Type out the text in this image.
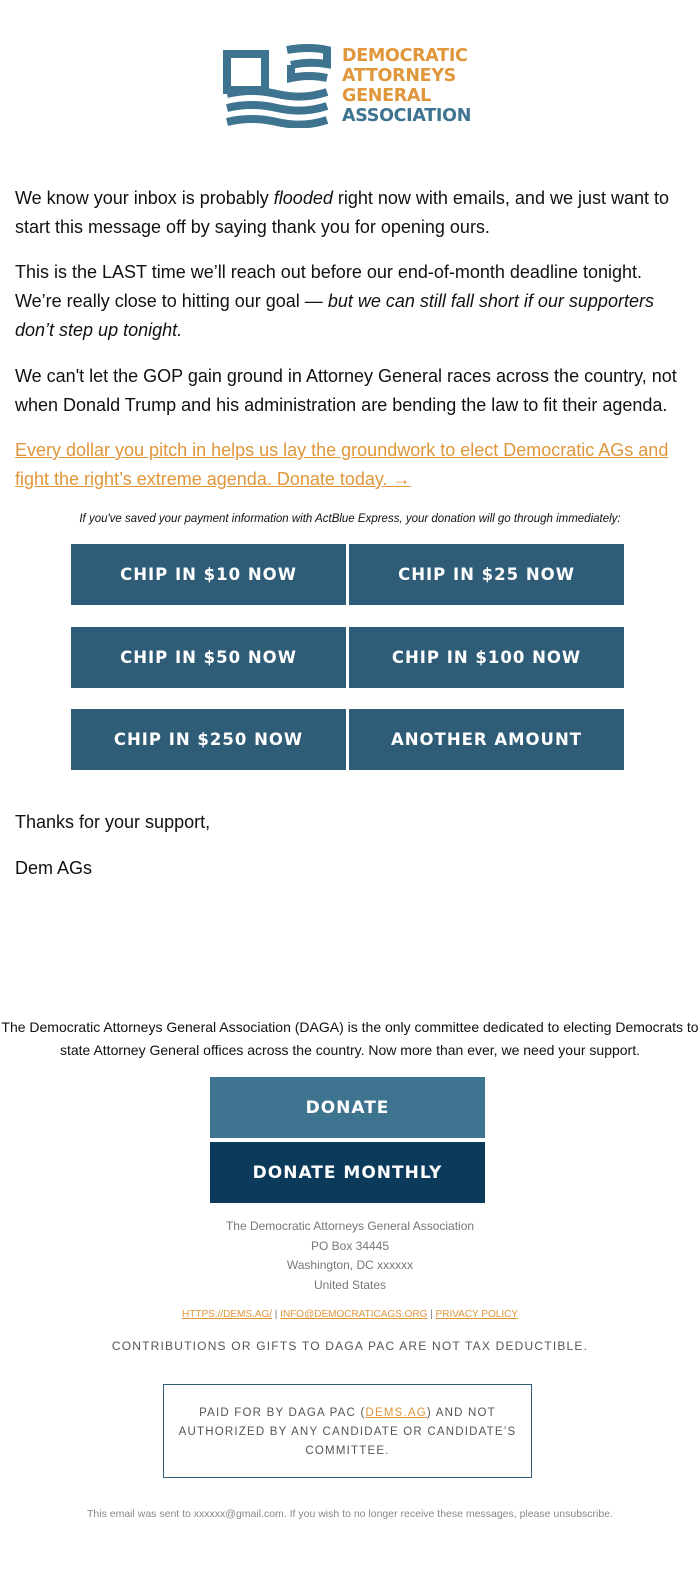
DEMOCRATIC
ATTORNEYS
GENERAL
ASSOCIATION

We know your inbox is probably flooded right now with emails, and we just want to start this message off by saying thank you for opening ours.

This is the LAST time we’ll reach out before our end-of-month deadline tonight. We’re really close to hitting our goal — but we can still fall short if our supporters don’t step up tonight.

We can't let the GOP gain ground in Attorney General races across the country, not when Donald Trump and his administration are bending the law to fit their agenda.

Every dollar you pitch in helps us lay the groundwork to elect Democratic AGs and fight the right’s extreme agenda. Donate today. →

If you've saved your payment information with ActBlue Express, your donation will go through immediately:
CHIP IN $10 NOW	CHIP IN $25 NOW
CHIP IN $50 NOW	CHIP IN $100 NOW
CHIP IN $250 NOW	ANOTHER AMOUNT
Thanks for your support,
Dem AGs
The Democratic Attorneys General Association (DAGA) is the only committee dedicated to electing Democrats to state Attorney General offices across the country. Now more than ever, we need your support.
DONATE
DONATE MONTHLY
The Democratic Attorneys General Association
PO Box 34445
Washington, DC xxxxxx
United States
HTTPS://DEMS.AG/ | INFO@DEMOCRATICAGS.ORG | PRIVACY POLICY
CONTRIBUTIONS OR GIFTS TO DAGA PAC ARE NOT TAX DEDUCTIBLE.
PAID FOR BY DAGA PAC (DEMS.AG) AND NOT AUTHORIZED BY ANY CANDIDATE OR CANDIDATE’S COMMITTEE.
This email was sent to xxxxxx@gmail.com. If you wish to no longer receive these messages, please unsubscribe.
